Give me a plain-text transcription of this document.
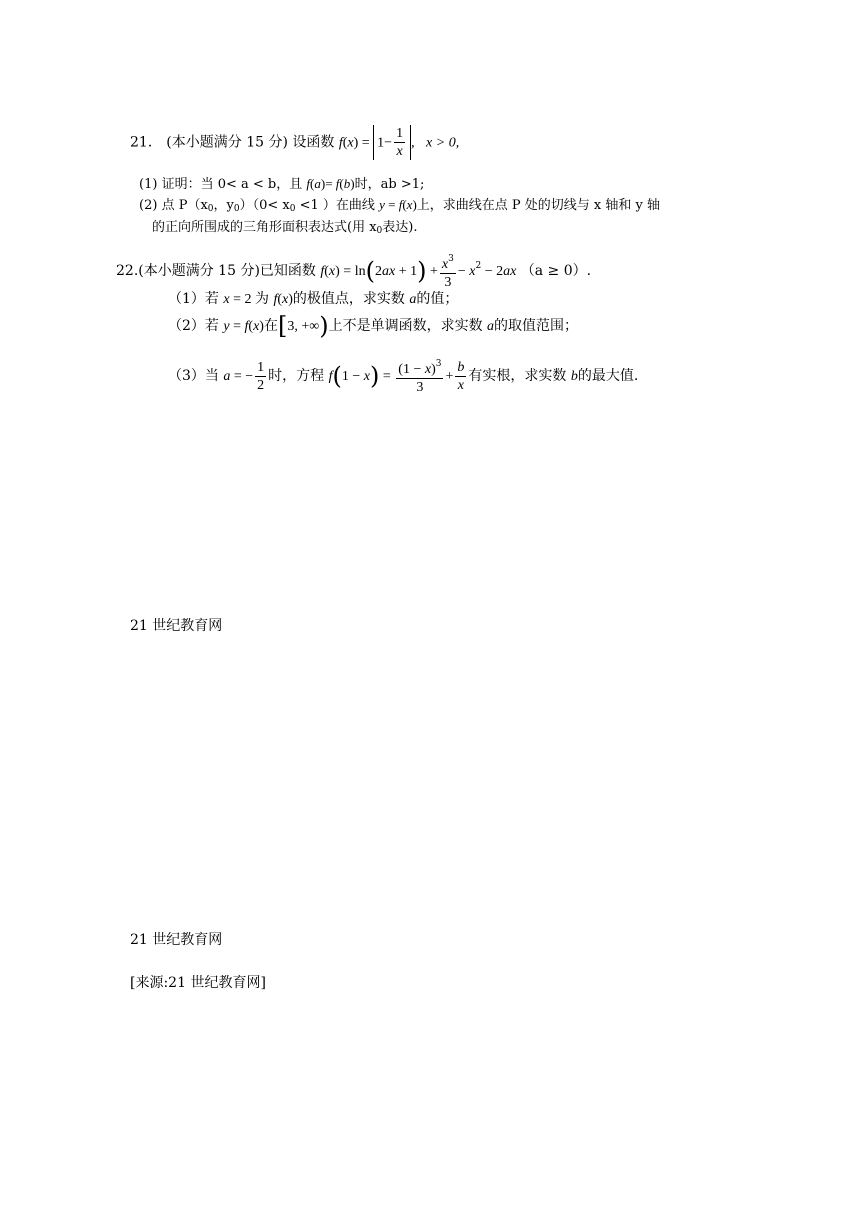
21． (本小题满分 15 分) 设函数 $f(x) = 1- \frac{1}{x}$ ,   x > 0,
(1) 证明：当 0< a < b，且 f(a)= f(b)时，ab >1;
(2) 点 $P(x_0$，$y_0)(0< x_0 <1$ ）在曲线 y = f(x)上，求曲线在点 P 处的切线与 x 轴和 y 轴
的正向所围成的三角形面积表达式(用 $x_0$表达).
22.(本小题满分 15 分)已知函数 $f(x) = \ln(2ax + 1) + \frac{x^3}{3} - x^2 - 2ax$ （a ≥ 0）.
（1）若 x = 2 为 f(x)的极值点，求实数 a的值；
（2）若 y = f(x)在[3, +∞)上不是单调函数，求实数 a的取值范围；
（3）当 a = − $\frac{1}{2}$ 时，方程 $f(1 - x) = \frac{(1 - x)^3}{3} + \frac{b}{x}$ 有实根，求实数 b的最大值.
21 世纪教育网
21 世纪教育网
[来源:21 世纪教育网]
